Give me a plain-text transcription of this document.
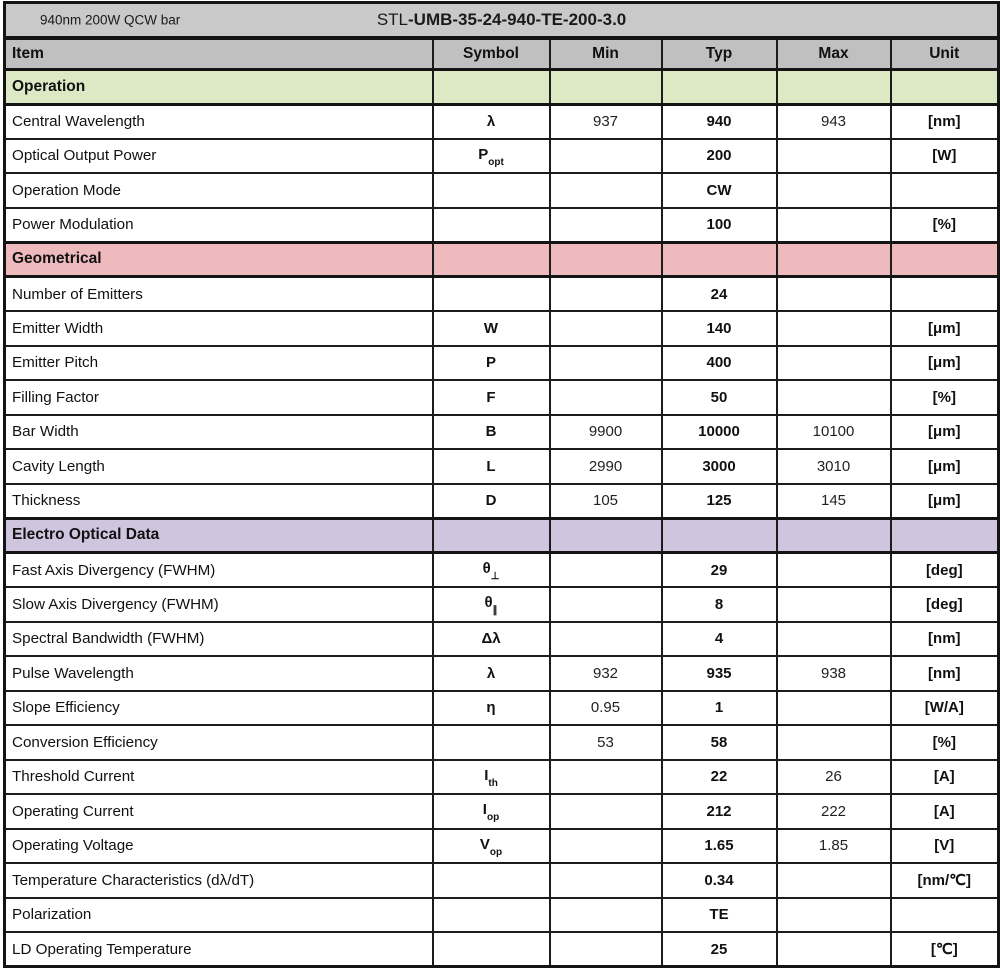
940nm 200W QCW bar STL-UMB-35-24-940-TE-200-3.0					

Item	Symbol	Min	Typ	Max	Unit
Operation					
Central Wavelength	λ	937	940	943	[nm]
Optical Output Power	$P_{opt}$		200		[W]
Operation Mode			CW		
Power Modulation			100		[%]
Geometrical					
Number of Emitters			24		
Emitter Width	W		140		[μm]
Emitter Pitch	P		400		[μm]
Filling Factor	F		50		[%]
Bar Width	B	9900	10000	10100	[μm]
Cavity Length	L	2990	3000	3010	[μm]
Thickness	D	105	125	145	[μm]
Electro Optical Data					
Fast Axis Divergency (FWHM)	$\theta_\perp$		29		[deg]
Slow Axis Divergency (FWHM)	$\theta_\parallel$		8		[deg]
Spectral Bandwidth (FWHM)	Δλ		4		[nm]
Pulse Wavelength	λ	932	935	938	[nm]
Slope Efficiency	η	0.95	1		[W/A]
Conversion Efficiency		53	58		[%]
Threshold Current	$I_{th}$		22	26	[A]
Operating Current	$I_{op}$		212	222	[A]
Operating Voltage	$V_{op}$		1.65	1.85	[V]
Temperature Characteristics (dλ/dT)			0.34		[nm/℃]
Polarization			TE		
LD Operating Temperature			25		[℃]
